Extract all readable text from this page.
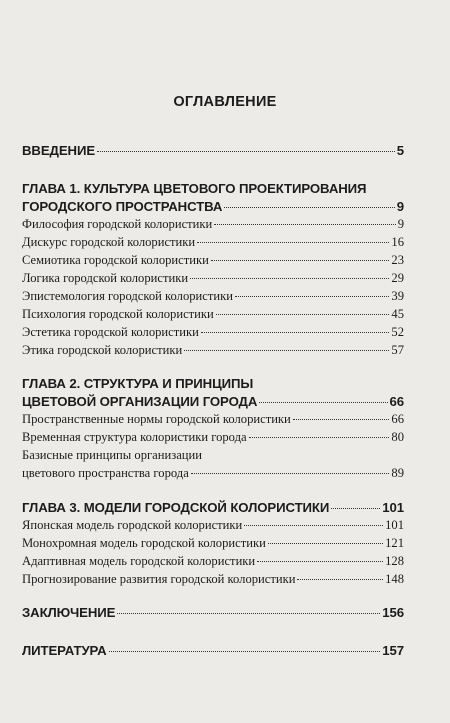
ОГЛАВЛЕНИЕ
ВВЕДЕНИЕ	5
ГЛАВА 1. КУЛЬТУРА ЦВЕТОВОГО ПРОЕКТИРОВАНИЯ
ГОРОДСКОГО ПРОСТРАНСТВА	9
Философия городской колористики	9
Дискурс городской колористики	16
Семиотика городской колористики	23
Логика городской колористики	29
Эпистемология городской колористики	39
Психология городской колористики	45
Эстетика городской колористики	52
Этика городской колористики	57
ГЛАВА 2. СТРУКТУРА И ПРИНЦИПЫ
ЦВЕТОВОЙ ОРГАНИЗАЦИИ ГОРОДА	66
Пространственные нормы городской колористики	66
Временная структура колористики города	80
Базисные принципы организации
цветового пространства города	89
ГЛАВА 3. МОДЕЛИ ГОРОДСКОЙ КОЛОРИСТИКИ	101
Японская модель городской колористики	101
Монохромная модель городской колористики	121
Адаптивная модель городской колористики	128
Прогнозирование развития городской колористики	148
ЗАКЛЮЧЕНИЕ	156
ЛИТЕРАТУРА	157
